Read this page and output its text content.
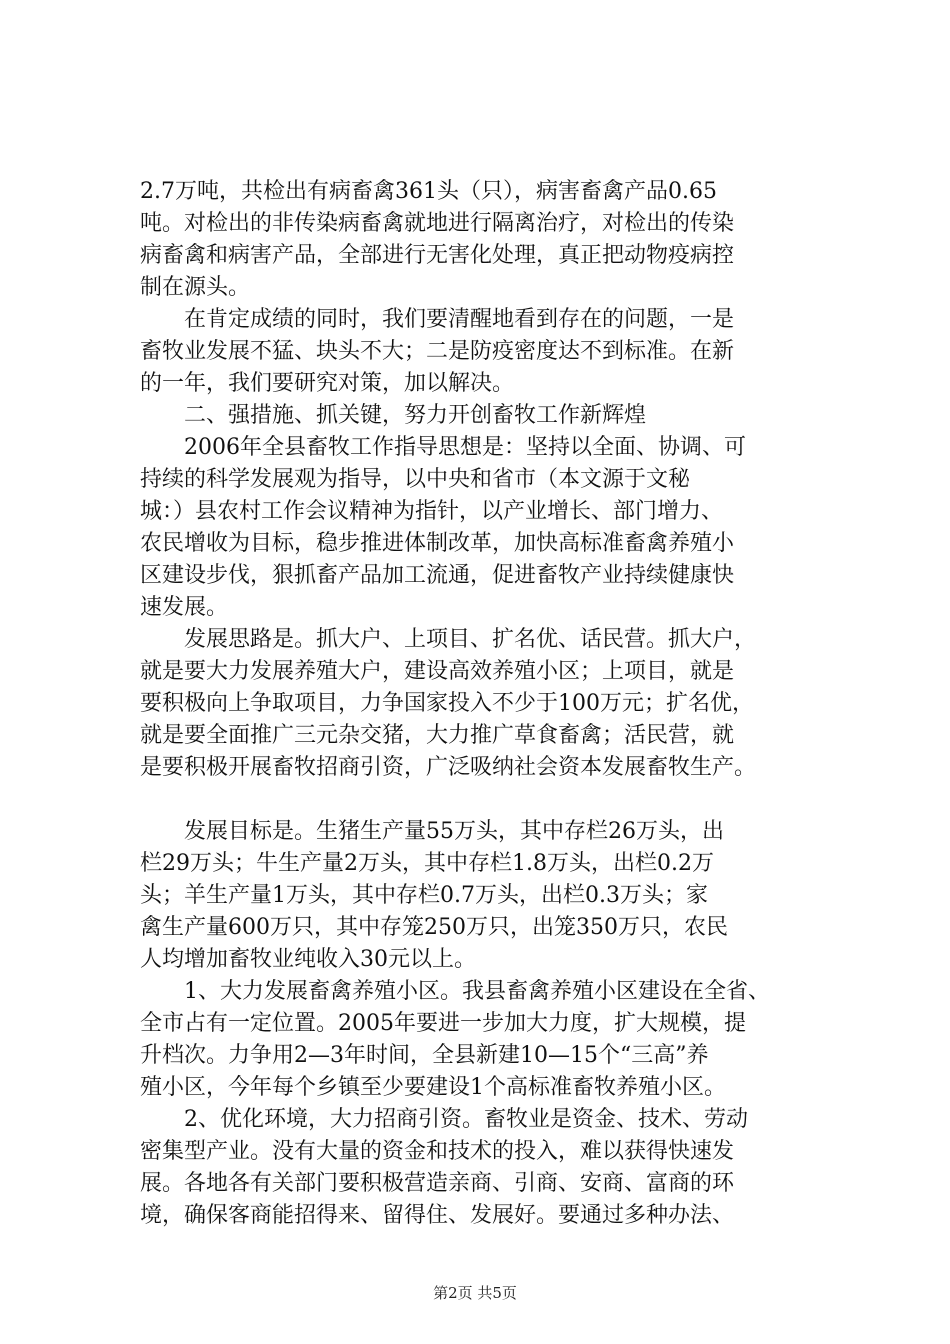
2.7万吨，共检出有病畜禽361头（只），病害畜禽产品0.65
吨。对检出的非传染病畜禽就地进行隔离治疗，对检出的传染
病畜禽和病害产品，全部进行无害化处理，真正把动物疫病控
制在源头。
　　在肯定成绩的同时，我们要清醒地看到存在的问题，一是
畜牧业发展不猛、块头不大；二是防疫密度达不到标准。在新
的一年，我们要研究对策，加以解决。
　　二、强措施、抓关键，努力开创畜牧工作新辉煌
　　2006年全县畜牧工作指导思想是：坚持以全面、协调、可
持续的科学发展观为指导，以中央和省市（本文源于文秘
城：）县农村工作会议精神为指针，以产业增长、部门增力、
农民增收为目标，稳步推进体制改革，加快高标准畜禽养殖小
区建设步伐，狠抓畜产品加工流通，促进畜牧产业持续健康快
速发展。
　　发展思路是。抓大户、上项目、扩名优、话民营。抓大户，
就是要大力发展养殖大户，建设高效养殖小区；上项目，就是
要积极向上争取项目，力争国家投入不少于100万元；扩名优，
就是要全面推广三元杂交猪，大力推广草食畜禽；活民营，就
是要积极开展畜牧招商引资，广泛吸纳社会资本发展畜牧生产。
　　发展目标是。生猪生产量55万头，其中存栏26万头，出
栏29万头；牛生产量2万头，其中存栏1.8万头，出栏0.2万
头；羊生产量1万头，其中存栏0.7万头，出栏0.3万头；家
禽生产量600万只，其中存笼250万只，出笼350万只，农民
人均增加畜牧业纯收入30元以上。
　　1、大力发展畜禽养殖小区。我县畜禽养殖小区建设在全省、
全市占有一定位置。2005年要进一步加大力度，扩大规模，提
升档次。力争用2—3年时间，全县新建10—15个“三高”养
殖小区，今年每个乡镇至少要建设1个高标准畜牧养殖小区。
　　2、优化环境，大力招商引资。畜牧业是资金、技术、劳动
密集型产业。没有大量的资金和技术的投入，难以获得快速发
展。各地各有关部门要积极营造亲商、引商、安商、富商的环
境，确保客商能招得来、留得住、发展好。要通过多种办法、
第2页 共5页
